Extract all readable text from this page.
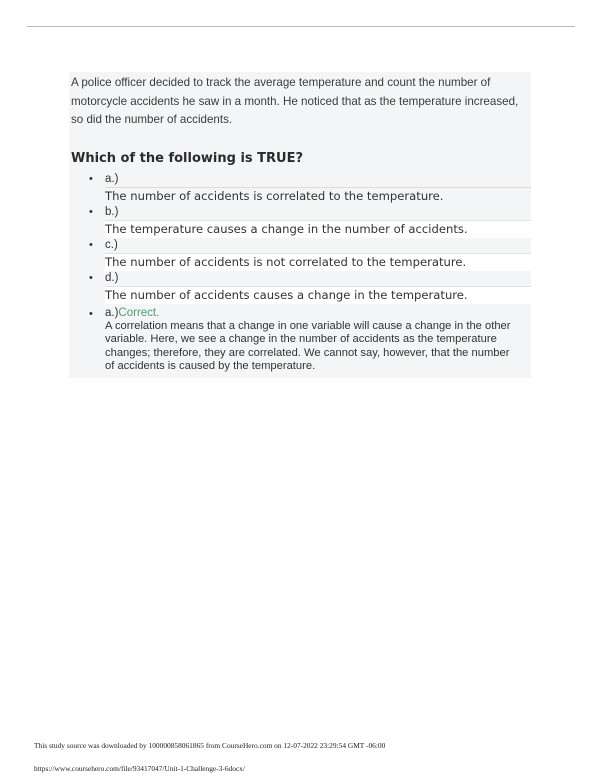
A police officer decided to track the average temperature and count the number of motorcycle accidents he saw in a month. He noticed that as the temperature increased, so did the number of accidents.

Which of the following is TRUE?
• a.)
The number of accidents is correlated to the temperature.
• b.)
The temperature causes a change in the number of accidents.
• c.)
The number of accidents is not correlated to the temperature.
• d.)
The number of accidents causes a change in the temperature.
• a.)Correct.

A correlation means that a change in one variable will cause a change in the other variable. Here, we see a change in the number of accidents as the temperature changes; therefore, they are correlated. We cannot say, however, that the number of accidents is caused by the temperature.

This study source was downloaded by 100000858061865 from CourseHero.com on 12-07-2022 23:29:54 GMT -06:00
https://www.coursehero.com/file/93417047/Unit-1-Challenge-3-6docx/
